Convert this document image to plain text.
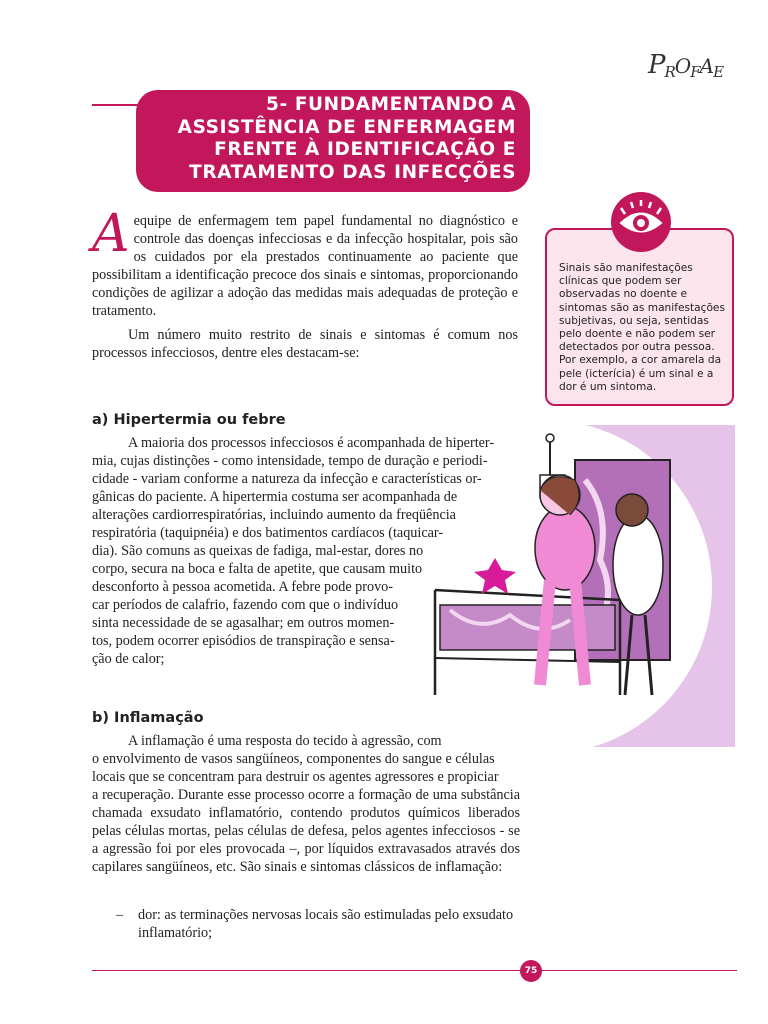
PROFAE
5- FUNDAMENTANDO A
ASSISTÊNCIA DE ENFERMAGEM
FRENTE À IDENTIFICAÇÃO E
TRATAMENTO DAS INFECÇÕES

Aequipe de enfermagem tem papel fundamental no diagnóstico e controle das doenças infecciosas e da infecção hospitalar, pois são os cuidados por ela prestados continuamente ao paciente que possibilitam a identificação precoce dos sinais e sintomas, proporcionando condições de agilizar a adoção das medidas mais adequadas de proteção e tratamento.

Um número muito restrito de sinais e sintomas é comum nos processos infecciosos, dentre eles destacam-se:

Sinais são manifestações clínicas que podem ser observadas no doente e sintomas são as manifestações subjetivas, ou seja, sentidas pelo doente e não podem ser detectados por outra pessoa. Por exemplo, a cor amarela da pele (icterícia) é um sinal e a dor é um sintoma.
a) Hipertermia ou febre
A maioria dos processos infecciosos é acompanhada de hiperter-
mia, cujas distinções - como intensidade, tempo de duração e periodi-
cidade - variam conforme a natureza da infecção e características or-
gânicas do paciente. A hipertermia costuma ser acompanhada de
alterações cardiorrespiratórias, incluindo aumento da freqüência
respiratória (taquipnéia) e dos batimentos cardíacos (taquicar-
dia). São comuns as queixas de fadiga, mal-estar, dores no
corpo, secura na boca e falta de apetite, que causam muito
desconforto à pessoa acometida. A febre pode provo-
car períodos de calafrio, fazendo com que o indivíduo
sinta necessidade de se agasalhar; em outros momen-
tos, podem ocorrer episódios de transpiração e sensa-
ção de calor;
b) Inflamação
A inflamação é uma resposta do tecido à agressão, com
o envolvimento de vasos sangüíneos, componentes do sangue e células
locais que se concentram para destruir os agentes agressores e propiciar

a recuperação. Durante esse processo ocorre a formação de uma substância chamada exsudato inflamatório, contendo produtos químicos liberados pelas células mortas, pelas células de defesa, pelos agentes infecciosos - se a agressão foi por eles provocada –, por líquidos extravasados através dos capilares sangüíneos, etc. São sinais e sintomas clássicos de inflamação:

– dor: as terminações nervosas locais são estimuladas pelo exsudato inflamatório;
75
